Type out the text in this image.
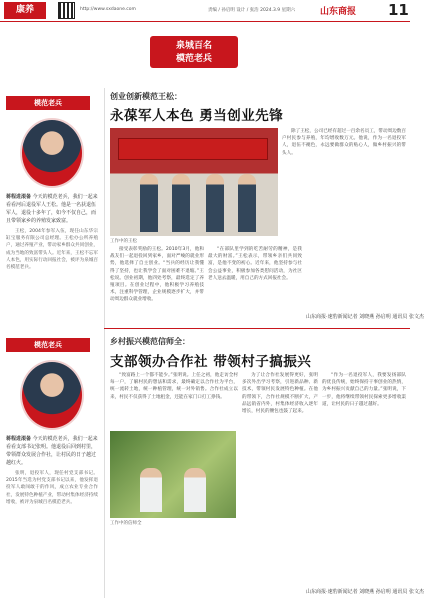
康养	http://www.sxdaone.com	责编 / 孙启明 设计 / 张浩 2024.3.9 星期六	山东商报 11
泉城百名
模范老兵
模范老兵
蒋程进滚备 今天的模范老兵，我们一起来看看河后退役军人王松。他是一名获退伍军人，退役十多年了，如今不仅自己，而且带领家乡的养殖发家致富。

王松，2004年参军入伍，现任山东华宗缸宝服务有限公司总经理。王松办公所养殖户，通过养殖产业，带动家乡群众共同创业，成为当地的致富带头人。近年来，王松不忘军人本色，用实际行动回报社会，被评为泉城百名模范老兵。

创业创新模范王松：
永葆军人本色 勇当创业先锋
工作中的王松

除了王松，公司已经有超过一百余名员工，带动周边数百户村民参与养殖，年均增收数万元。他说，作为一名退役军人，退伍不褪色，永远要做群众的贴心人，做乡村振兴的带头人。

接受表彰奖励的王松。2010年3月，他和战友们一起退役回到家乡，面对严峻的就业形势，他选择了自主创业。“当兵的经历让我懂得了坚持，也让我学会了面对困难不退缩。”王松说。创业初期，他四处考察，最终选定了养殖项目。在创业过程中，他积极学习养殖技术，注重科学管理，企业规模逐步扩大，并带动周边群众就业增收。

“在部队里学到的吃苦耐劳的精神，是我最大的财富。”王松表示，带领乡亲们共同致富，是他不变的初心。近年来，他坚持参与社会公益事业，积极参加各类慰问活动，为社区老人送去温暖，用自己的方式回报社会。

山东商报·速豹新闻记者 刘晓燕 孙启明 通讯员 张文杰
模范老兵
蒋程进滚备 今天的模范老兵，我们一起来看看支部书记张明。他退役后回到村里，带领群众发展合作社，让村民的日子越过越红火。

张明，退役军人，现任村党支部书记。2015年当选为村党支部书记以来，他发挥退役军人敢闯敢干的作风，成立农业专业合作社，发展特色种植产业，带动村集体经济持续增收，被评为泉城百名模范老兵。

乡村振兴模范信师全：
支部领办合作社 带领村子搞振兴

“致富路上一个都不能少。”张明说。上任之初，他走访全村每一户，了解村民的想法和需求，最终确定以合作社为平台，统一流转土地，统一种植管理，统一对外销售。合作社成立以来，村民不仅获得了土地租金，还能在家门口打工挣钱。

为了让合作社发展得更好，张明多次外出学习考察，引进新品种、新技术，带领村民发展特色种植。在他的带领下，合作社规模不断扩大，产品远销省内外，村集体经济收入逐年增长，村民的腰包也鼓了起来。

“作为一名退役军人，我要发扬部队的优良传统，始终保持干事创业的热情，为乡村振兴贡献自己的力量。”张明说，下一步，他将继续带领村民探索更多增收渠道，让村民的日子越过越好。

工作中的信师全
山东商报·速豹新闻记者 刘晓燕 孙启明 通讯员 张文杰
